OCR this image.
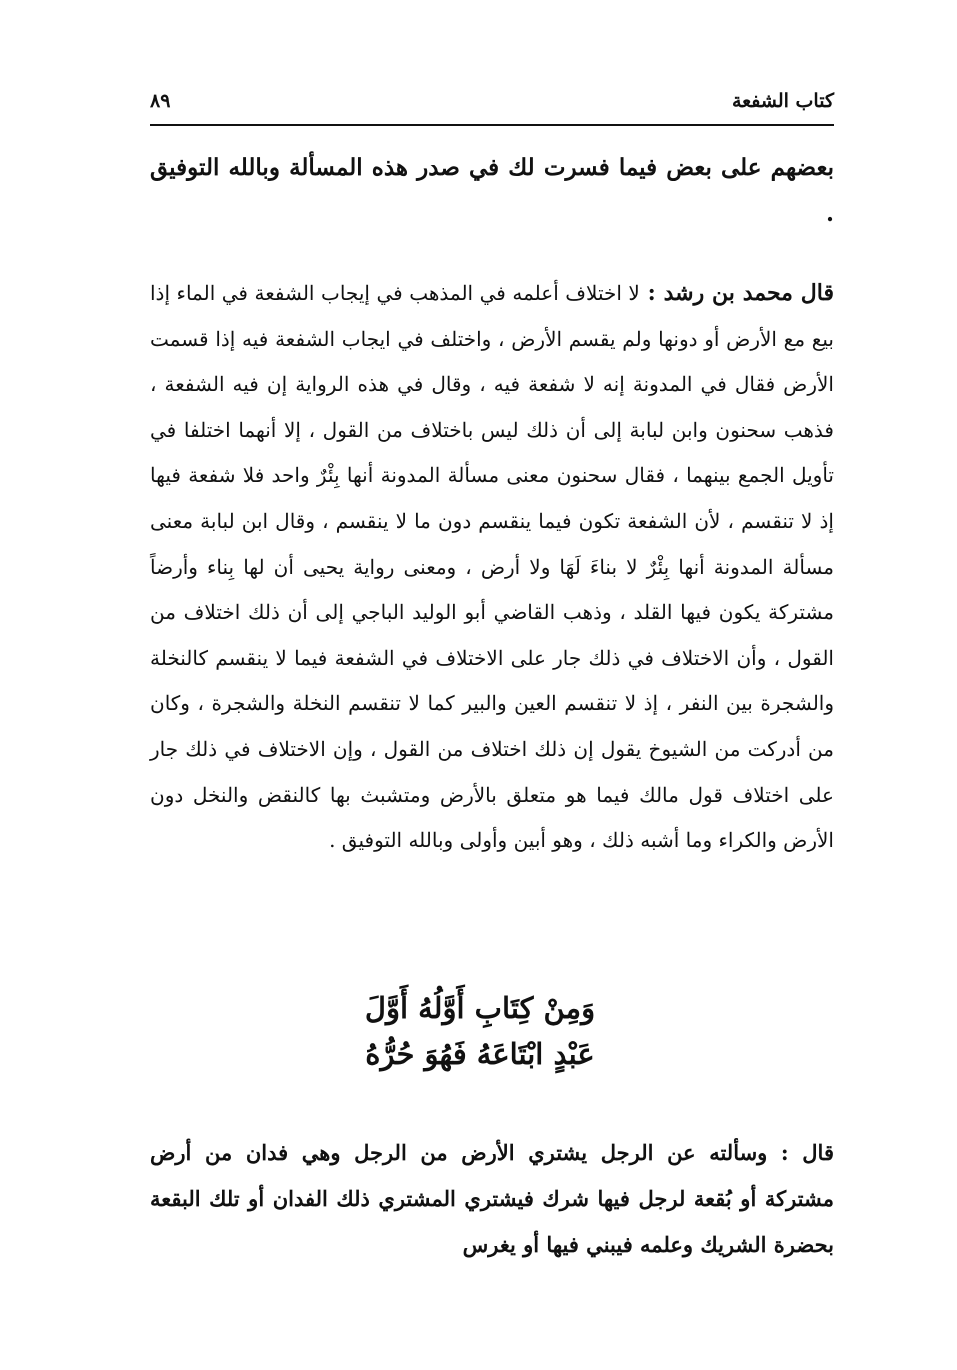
كتاب الشفعة
٨٩
بعضهم على بعض فيما فسرت لك في صدر هذه المسألة وبالله التوفيق .
قال محمد بن رشد : لا اختلاف أعلمه في المذهب في إيجاب الشفعة في الماء إذا بيع مع الأرض أو دونها ولم يقسم الأرض ، واختلف في ايجاب الشفعة فيه إذا قسمت الأرض فقال في المدونة إنه لا شفعة فيه ، وقال في هذه الرواية إن فيه الشفعة ، فذهب سحنون وابن لبابة إلى أن ذلك ليس باختلاف من القول ، إلا أنهما اختلفا في تأويل الجمع بينهما ، فقال سحنون معنى مسألة المدونة أنها بِئْرٌ واحد فلا شفعة فيها إذ لا تنقسم ، لأن الشفعة تكون فيما ينقسم دون ما لا ينقسم ، وقال ابن لبابة معنى مسألة المدونة أنها بِئْرٌ لا بناءَ لَهَا ولا أرض ، ومعنى رواية يحيى أن لها بِناء وأرضاً مشتركة يكون فيها القلد ، وذهب القاضي أبو الوليد الباجي إلى أن ذلك اختلاف من القول ، وأن الاختلاف في ذلك جار على الاختلاف في الشفعة فيما لا ينقسم كالنخلة والشجرة بين النفر ، إذ لا تنقسم العين والبير كما لا تنقسم النخلة والشجرة ، وكان من أدركت من الشيوخ يقول إن ذلك اختلاف من القول ، وإن الاختلاف في ذلك جار على اختلاف قول مالك فيما هو متعلق بالأرض ومتشبث بها كالنقض والنخل دون الأرض والكراء وما أشبه ذلك ، وهو أبين وأولى وبالله التوفيق .
وَمِنْ كِتَابِ أَوَّلُهُ أَوَّلَ
عَبْدٍ ابْتَاعَهُ فَهُوَ حُرُّهُ
قال : وسألته عن الرجل يشتري الأرض من الرجل وهي فدان من أرض مشتركة أو بُقعة لرجل فيها شرك فيشتري المشتري ذلك الفدان أو تلك البقعة بحضرة الشريك وعلمه فيبني فيها أو يغرس
